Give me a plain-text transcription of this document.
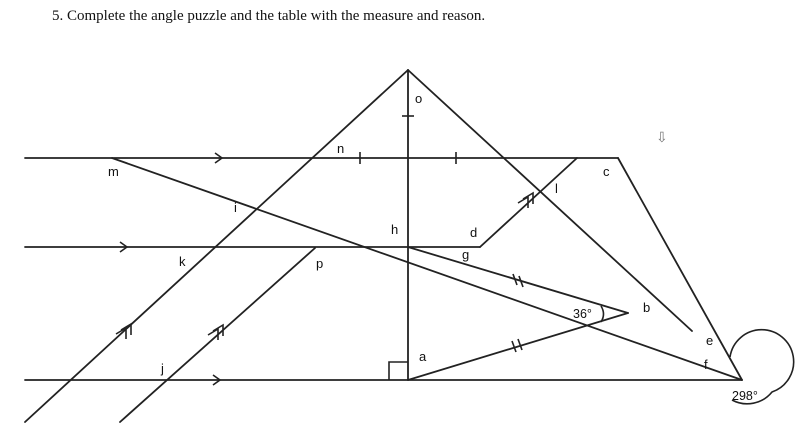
5. Complete the angle puzzle and the table with the measure and reason.
o
n
m	c
l
i
h	d
g
k	p
b
e
a
f
j
36°
298°
⇩
